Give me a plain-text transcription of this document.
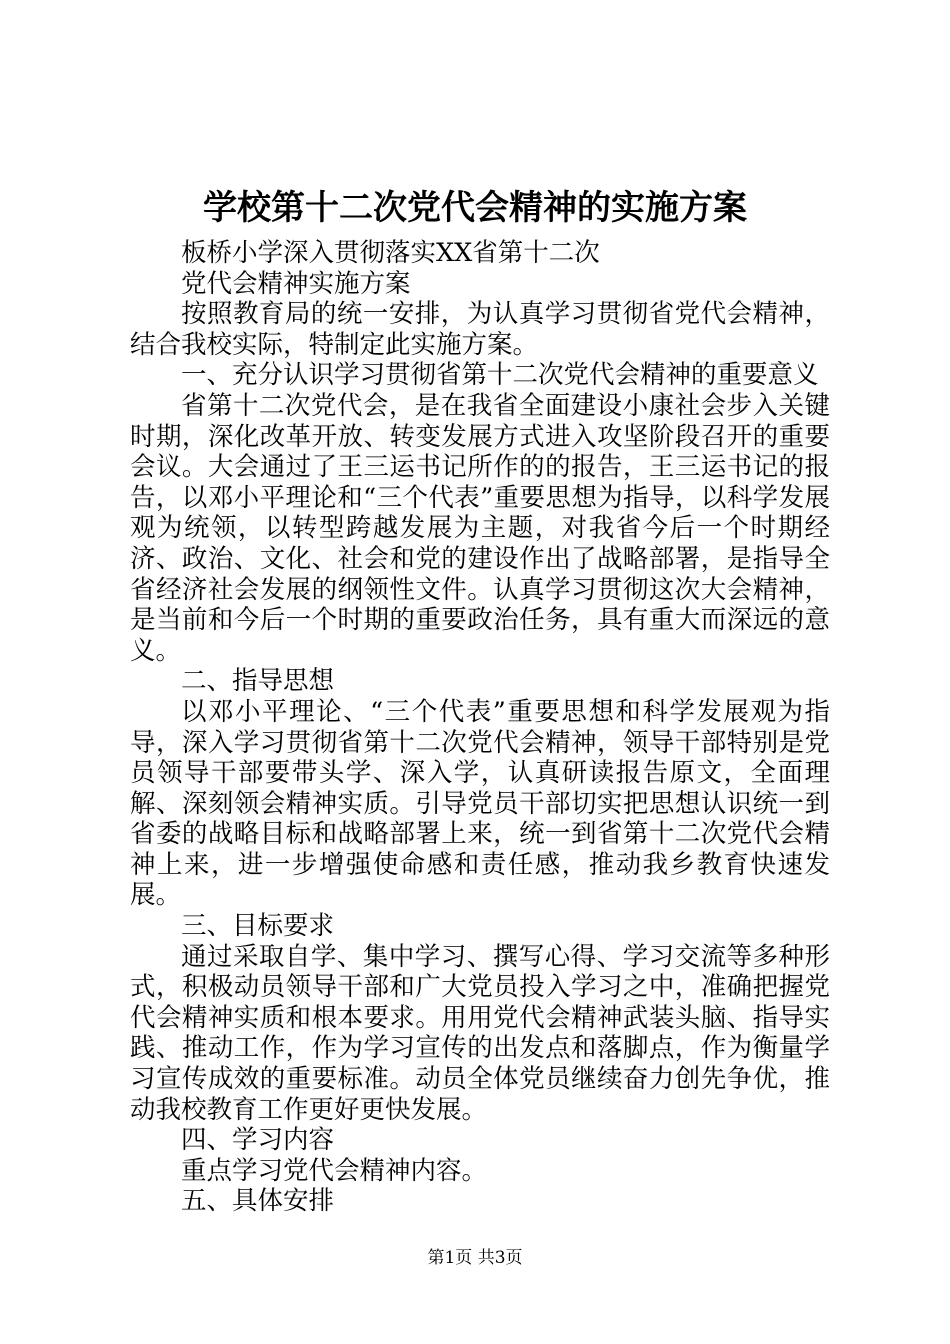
学校第十二次党代会精神的实施方案

板桥小学深入贯彻落实XX省第十二次

党代会精神实施方案

按照教育局的统一安排，为认真学习贯彻省党代会精神，结合我校实际，特制定此实施方案。

一、充分认识学习贯彻省第十二次党代会精神的重要意义

省第十二次党代会，是在我省全面建设小康社会步入关键时期，深化改革开放、转变发展方式进入攻坚阶段召开的重要会议。大会通过了王三运书记所作的的报告，王三运书记的报告，以邓小平理论和“三个代表”重要思想为指导，以科学发展观为统领，以转型跨越发展为主题，对我省今后一个时期经济、政治、文化、社会和党的建设作出了战略部署，是指导全省经济社会发展的纲领性文件。认真学习贯彻这次大会精神，是当前和今后一个时期的重要政治任务，具有重大而深远的意义。

二、指导思想

以邓小平理论、“三个代表”重要思想和科学发展观为指导，深入学习贯彻省第十二次党代会精神，领导干部特别是党员领导干部要带头学、深入学，认真研读报告原文，全面理解、深刻领会精神实质。引导党员干部切实把思想认识统一到省委的战略目标和战略部署上来，统一到省第十二次党代会精神上来，进一步增强使命感和责任感，推动我乡教育快速发展。

三、目标要求

通过采取自学、集中学习、撰写心得、学习交流等多种形式，积极动员领导干部和广大党员投入学习之中，准确把握党代会精神实质和根本要求。用用党代会精神武装头脑、指导实践、推动工作，作为学习宣传的出发点和落脚点，作为衡量学习宣传成效的重要标准。动员全体党员继续奋力创先争优，推动我校教育工作更好更快发展。

四、学习内容

重点学习党代会精神内容。

五、具体安排

第1页 共3页
